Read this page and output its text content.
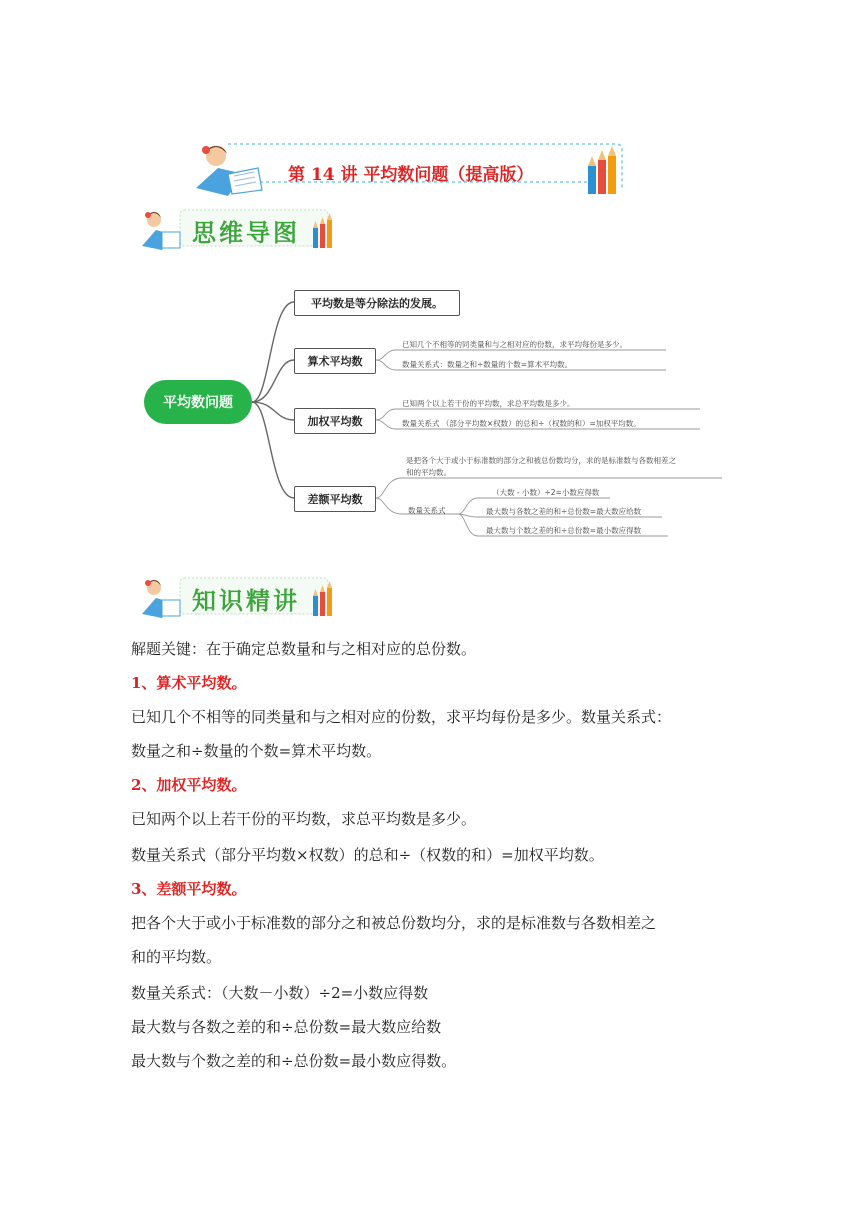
第 14 讲 平均数问题（提高版）
思维导图
平均数问题
平均数是等分除法的发展。
算术平均数
加权平均数
差额平均数
已知几个不相等的同类量和与之相对应的份数，求平均每份是多少。
数量关系式：数量之和÷数量的个数=算术平均数。
已知两个以上若干份的平均数，求总平均数是多少。
数量关系式 （部分平均数×权数）的总和÷（权数的和）=加权平均数。
是把各个大于或小于标准数的部分之和被总份数均分，求的是标准数与各数相差之
和的平均数。
数量关系式
（大数 - 小数）÷2=小数应得数
最大数与各数之差的和÷总份数=最大数应给数
最大数与个数之差的和÷总份数=最小数应得数
知识精讲
解题关键：在于确定总数量和与之相对应的总份数。
1、算术平均数。
已知几个不相等的同类量和与之相对应的份数，求平均每份是多少。数量关系式：
数量之和÷数量的个数=算术平均数。
2、加权平均数。
已知两个以上若干份的平均数，求总平均数是多少。
数量关系式（部分平均数×权数）的总和÷（权数的和）=加权平均数。
3、差额平均数。
把各个大于或小于标准数的部分之和被总份数均分，求的是标准数与各数相差之
和的平均数。
数量关系式：（大数－小数）÷2=小数应得数
最大数与各数之差的和÷总份数=最大数应给数
最大数与个数之差的和÷总份数=最小数应得数。
